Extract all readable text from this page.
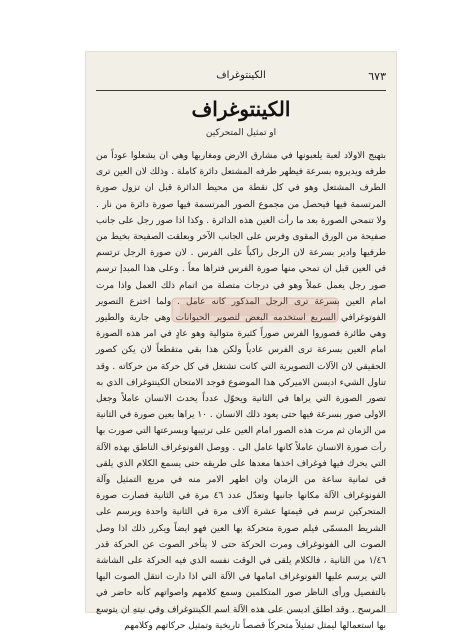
٦٧٣
الكينتوغراف
الكينتوغراف
او تمثيل المتحركين

بتهيج الاولاد لعبة يلعبونها في مشارق الارض ومغاربها وهي ان يشعلوا عوداً من طرفه ويديروه بسرعة فيظهر طرفه المشتعل دائرة كاملة . وذلك لان العين ترى الطرف المشتعل وهو في كل نقطة من محيط الدائرة قبل ان تزول صورة المرتسمة فيها فيحصل من مجموع الصور المرتسمة فيها صورة دائرة من نار . ولا تنمحي الصورة بعد ما رأت العين هذه الدائرة . وكذا اذا صور رجل على جانب صفيحة من الورق المقوى وفرس على الجانب الآخر وبعلقت الصفيحة بخيط من طرفيها وادير بسرعة لان الرجل راكباً على الفرس . لان صورة الرجل ترتسم في العين قبل ان تمحي منها صورة الفرس فتراها معاً . وعلى هذا المبدإ ترسم صور رجل يعمل عملاً وهو في درجات متصلة من اتمام ذلك العمل واذا مرت امام العين بسرعة ترى الرجل المذكور كانه عامل . ولما اخترع التصوير الفوتوغرافي السريع استخدمه البعض لتصوير الحيوانات وهي جارية والطيور وهي طائرة فصوروا الفرس صوراً كثيرة متوالية وهو عادٍ في امر هذه الصورة امام العين بسرعة ترى الفرس عادياً ولكن هذا بقي متقطعاً لان يكن كصور الحقيقي لان الآلات التصويرية التي كانت تشتغل في كل حركة من حركاته . وقد تناول الشيء اديسن الاميركي هذا الموضوع فوجد الامتحان الكينتوغراف الذي به تصور الصورة التي يراها في الثانية ويحوّل عدداً يحدث الانسان عاملاً وجعل الاولى صور بسرعة فيها حتى يعود ذلك الانسان . ١٠ يراها بعين صورة في الثانية من الزمان ثم مرت هذه الصور امام العين على ترتيبها وبسرعتها التي صورت بها رأت صورة الانسان عاملاً كانها عامل الى . ووصل الفونوغراف الناطق بهذه الآلة التي يحرك فيها فوغراف اخذها معدها على طريقه حتى يسمع الكلام الذي يلقى في ثمانية ساعة من الزمان وان اظهر الامر منه في مربع التمثيل وآلة الفونوغراف الآلة مكانها جانبها وتعدّل عدد ٤٦ مرة في الثانية فصارت صورة المتحركين ترسم في قيمتها عشرة آلاف مرة في الثانية واحدة ويرسم على الشريط المسمّى فيلم صورة متحركة بها العين فهو ايضاً ويكرر ذلك اذا وصل الصوت الى الفونوغراف ومرت الحركة حتى لا يتأخر الصوت عن الحركة قدر ١/٤٦ من الثانية ، فالكلام يلقى في الوقت نفسه الذي فيه الحركة على الشاشة التي يرسم عليها الفونوغراف امامها في الآلة التي اذا دارت انتقل الصوت اليها بالتفصيل ورأى الناظر صور المتكلمين وسمع كلامهم واصواتهم كأنه حاضر في المرسح . وقد اطلق اديسن على هذه الآلة اسم الكينتوغراف وفي نيتهِ ان يتوسع بها استعمالها ليمثل تمثيلاً متحركاً قصصاً تاريخية وتمثيل حركاتهم وكلامهم
